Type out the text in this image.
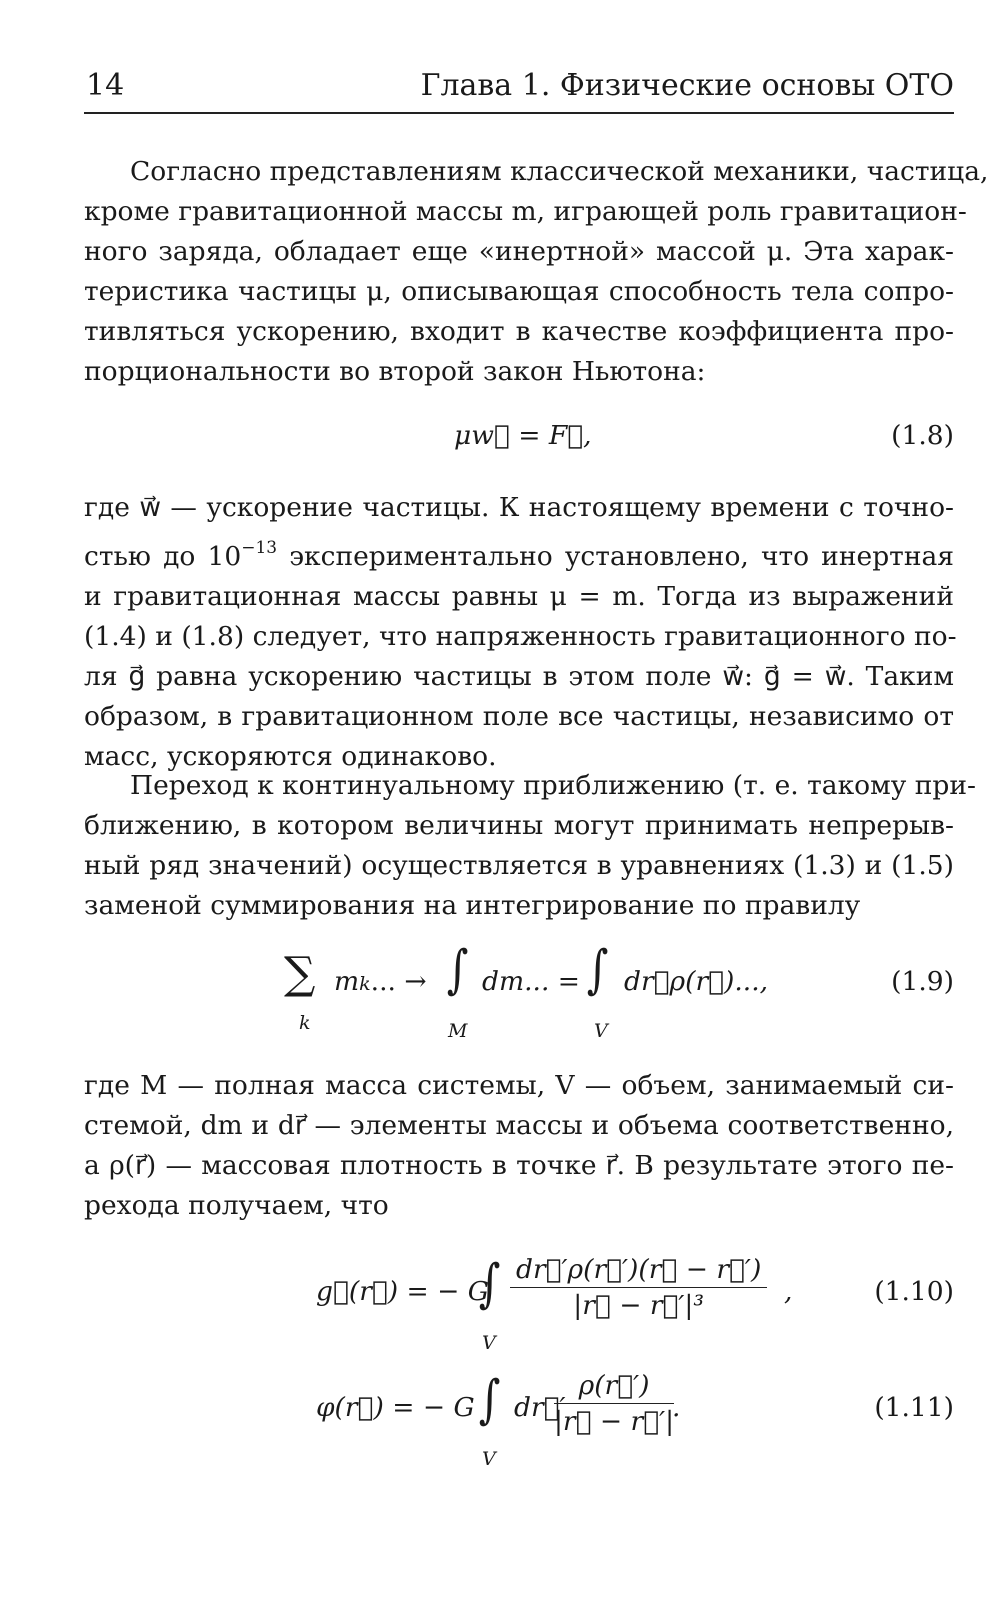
14	Глава 1. Физические основы ОТО
Согласно представлениям классической механики, частица,
кроме гравитационной массы m, играющей роль гравитацион-
ного заряда, обладает еще «инертной» массой μ. Эта харак-
теристика частицы μ, описывающая способность тела сопро-
тивляться ускорению, входит в качестве коэффициента про-
порциональности во второй закон Ньютона:
μw⃗ = F⃗,	(1.8)
где w⃗ — ускорение частицы. К настоящему времени с точно-
стью до $10^{-13}$ экспериментально установлено, что инертная
и гравитационная массы равны μ = m. Тогда из выражений
(1.4) и (1.8) следует, что напряженность гравитационного по-
ля g⃗ равна ускорению частицы в этом поле w⃗: g⃗ = w⃗. Таким
образом, в гравитационном поле все частицы, независимо от
масс, ускоряются одинаково.
Переход к континуальному приближению (т. е. такому при-
ближению, в котором величины могут принимать непрерыв-
ный ряд значений) осуществляется в уравнениях (1.3) и (1.5)
заменой суммирования на интегрирование по правилу
∑ mk... → ∫ dm... = ∫ dr⃗ρ(r⃗)...,
k	M	V
(1.9)
где M — полная масса системы, V — объем, занимаемый си-
стемой, dm и dr⃗ — элементы массы и объема соответственно,
а ρ(r⃗) — массовая плотность в точке r⃗. В результате этого пе-
рехода получаем, что
g⃗(r⃗) = − G
∫ $\frac{dr⃗'\rho(r⃗')(r⃗ - r⃗')}{\text{|r⃗ − r⃗′|³}}$ ,
V
(1.10)
φ(r⃗) = − G ∫ dr⃗′
$\frac{\rho(r⃗')}{|r⃗ - r⃗'|}$
.
V
(1.11)
